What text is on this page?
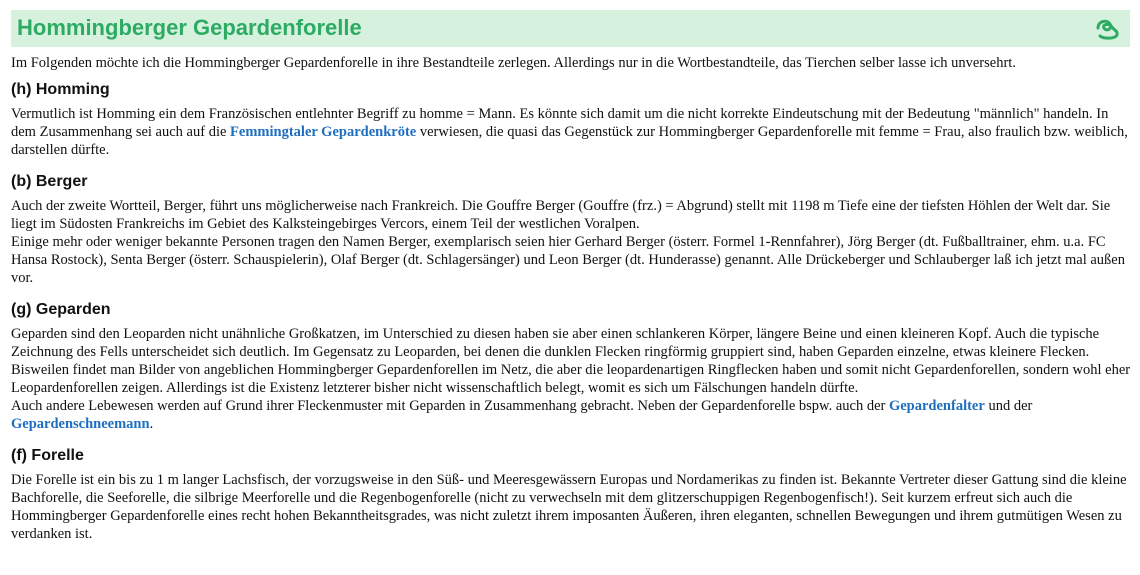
Hommingberger Gepardenforelle

Im Folgenden möchte ich die Hommingberger Gepardenforelle in ihre Bestandteile zerlegen. Allerdings nur in die Wortbestandteile, das Tierchen selber lasse ich unversehrt.

(h) Homming

Vermutlich ist Homming ein dem Französischen entlehnter Begriff zu homme = Mann. Es könnte sich damit um die nicht korrekte Eindeutschung mit der Bedeutung "männlich" handeln. In dem Zusammenhang sei auch auf die Femmingtaler Gepardenkröte verwiesen, die quasi das Gegenstück zur Hommingberger Gepardenforelle mit femme = Frau, also fraulich bzw. weiblich, darstellen dürfte.

(b) Berger

Auch der zweite Wortteil, Berger, führt uns möglicherweise nach Frankreich. Die Gouffre Berger (Gouffre (frz.) = Abgrund) stellt mit 1198 m Tiefe eine der tiefsten Höhlen der Welt dar. Sie liegt im Südosten Frankreichs im Gebiet des Kalksteingebirges Vercors, einem Teil der westlichen Voralpen.

Einige mehr oder weniger bekannte Personen tragen den Namen Berger, exemplarisch seien hier Gerhard Berger (österr. Formel 1-Rennfahrer), Jörg Berger (dt. Fußballtrainer, ehm. u.a. FC Hansa Rostock), Senta Berger (österr. Schauspielerin), Olaf Berger (dt. Schlagersänger) und Leon Berger (dt. Hunderasse) genannt. Alle Drückeberger und Schlauberger laß ich jetzt mal außen vor.

(g) Geparden

Geparden sind den Leoparden nicht unähnliche Großkatzen, im Unterschied zu diesen haben sie aber einen schlankeren Körper, längere Beine und einen kleineren Kopf. Auch die typische Zeichnung des Fells unterscheidet sich deutlich. Im Gegensatz zu Leoparden, bei denen die dunklen Flecken ringförmig gruppiert sind, haben Geparden einzelne, etwas kleinere Flecken. Bisweilen findet man Bilder von angeblichen Hommingberger Gepardenforellen im Netz, die aber die leopardenartigen Ringflecken haben und somit nicht Gepardenforellen, sondern wohl eher Leopardenforellen zeigen. Allerdings ist die Existenz letzterer bisher nicht wissenschaftlich belegt, womit es sich um Fälschungen handeln dürfte.

Auch andere Lebewesen werden auf Grund ihrer Fleckenmuster mit Geparden in Zusammenhang gebracht. Neben der Gepardenforelle bspw. auch der Gepardenfalter und der Gepardenschneemann.

(f) Forelle

Die Forelle ist ein bis zu 1 m langer Lachsfisch, der vorzugsweise in den Süß- und Meeresgewässern Europas und Nordamerikas zu finden ist. Bekannte Vertreter dieser Gattung sind die kleine Bachforelle, die Seeforelle, die silbrige Meerforelle und die Regenbogenforelle (nicht zu verwechseln mit dem glitzerschuppigen Regenbogenfisch!). Seit kurzem erfreut sich auch die Hommingberger Gepardenforelle eines recht hohen Bekanntheitsgrades, was nicht zuletzt ihrem imposanten Äußeren, ihren eleganten, schnellen Bewegungen und ihrem gutmütigen Wesen zu verdanken ist.
